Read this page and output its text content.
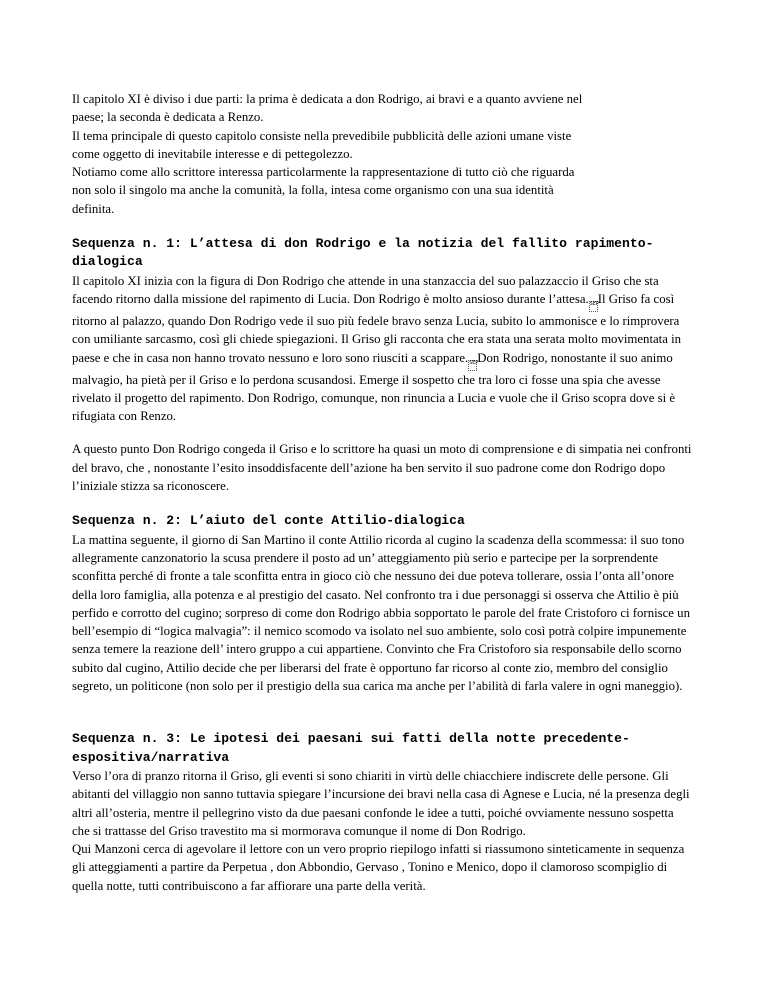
Il capitolo XI è diviso i due parti: la prima è dedicata a don Rodrigo, ai bravi e a quanto avviene nel
paese; la seconda è dedicata a Renzo.
Il tema principale di questo capitolo consiste nella prevedibile pubblicità delle azioni umane viste
come oggetto di inevitabile interesse e di pettegolezzo.
Notiamo come allo scrittore interessa particolarmente la rappresentazione di tutto ciò che riguarda
non solo il singolo ma anche la comunità, la folla, intesa come organismo con una sua identità
definita.
Sequenza n. 1: L’attesa di don Rodrigo e la notizia del fallito rapimento-dialogica
Il capitolo XI inizia con la figura di Don Rodrigo che attende in una stanzaccia del suo palazzaccio il Griso che sta facendo ritorno dalla missione del rapimento di Lucia. Don Rodrigo è molto ansioso durante l’attesa.SEPIl Griso fa così ritorno al palazzo, quando Don Rodrigo vede il suo più fedele bravo senza Lucia, subito lo ammonisce e lo rimprovera con umiliante sarcasmo, così gli chiede spiegazioni. Il Griso gli racconta che era stata una serata molto movimentata in paese e che in casa non hanno trovato nessuno e loro sono riusciti a scappare.SEPDon Rodrigo, nonostante il suo animo malvagio, ha pietà per il Griso e lo perdona scusandosi. Emerge il sospetto che tra loro ci fosse una spia che avesse rivelato il progetto del rapimento. Don Rodrigo, comunque, non rinuncia a Lucia e vuole che il Griso scopra dove si è rifugiata con Renzo.
A questo punto Don Rodrigo congeda il Griso e lo scrittore ha quasi un moto di comprensione e di simpatia nei confronti del bravo, che , nonostante l’esito insoddisfacente dell’azione ha ben servito il suo padrone come don Rodrigo dopo l’iniziale stizza sa riconoscere.
Sequenza n. 2: L’aiuto del conte Attilio-dialogica
La mattina seguente, il giorno di San Martino il conte Attilio ricorda al cugino la scadenza della scommessa: il suo tono allegramente canzonatorio la scusa prendere il posto ad un’ atteggiamento più serio e partecipe per la sorprendente sconfitta perché di fronte a tale sconfitta entra in gioco ciò che nessuno dei due poteva tollerare, ossia l’onta all’onore della loro famiglia, alla potenza e al prestigio del casato. Nel confronto tra i due personaggi si osserva che Attilio è più perfido e corrotto del cugino; sorpreso di come don Rodrigo abbia sopportato le parole del frate Cristoforo ci fornisce un bell’esempio di “logica malvagia”: il nemico scomodo va isolato nel suo ambiente, solo così potrà colpire impunemente senza temere la reazione dell’ intero gruppo a cui appartiene. Convinto che Fra Cristoforo sia responsabile dello scorno subito dal cugino, Attilio decide che per liberarsi del frate è opportuno far ricorso al conte zio, membro del consiglio segreto, un politicone (non solo per il prestigio della sua carica ma anche per l’abilità di farla valere in ogni maneggio).
Sequenza n. 3: Le ipotesi dei paesani sui fatti della notte precedente-espositiva/narrativa
Verso l’ora di pranzo ritorna il Griso, gli eventi si sono chiariti in virtù delle chiacchiere indiscrete delle persone. Gli abitanti del villaggio non sanno tuttavia spiegare l’incursione dei bravi nella casa di Agnese e Lucia, né la presenza degli altri all’osteria, mentre il pellegrino visto da due paesani confonde le idee a tutti, poiché ovviamente nessuno sospetta che si trattasse del Griso travestito ma si mormorava comunque il nome di Don Rodrigo.
Qui Manzoni cerca di agevolare il lettore con un vero proprio riepilogo infatti si riassumono sinteticamente in sequenza gli atteggiamenti a partire da Perpetua , don Abbondio, Gervaso , Tonino e Menico, dopo il clamoroso scompiglio di quella notte, tutti contribuiscono a far affiorare una parte della verità.
